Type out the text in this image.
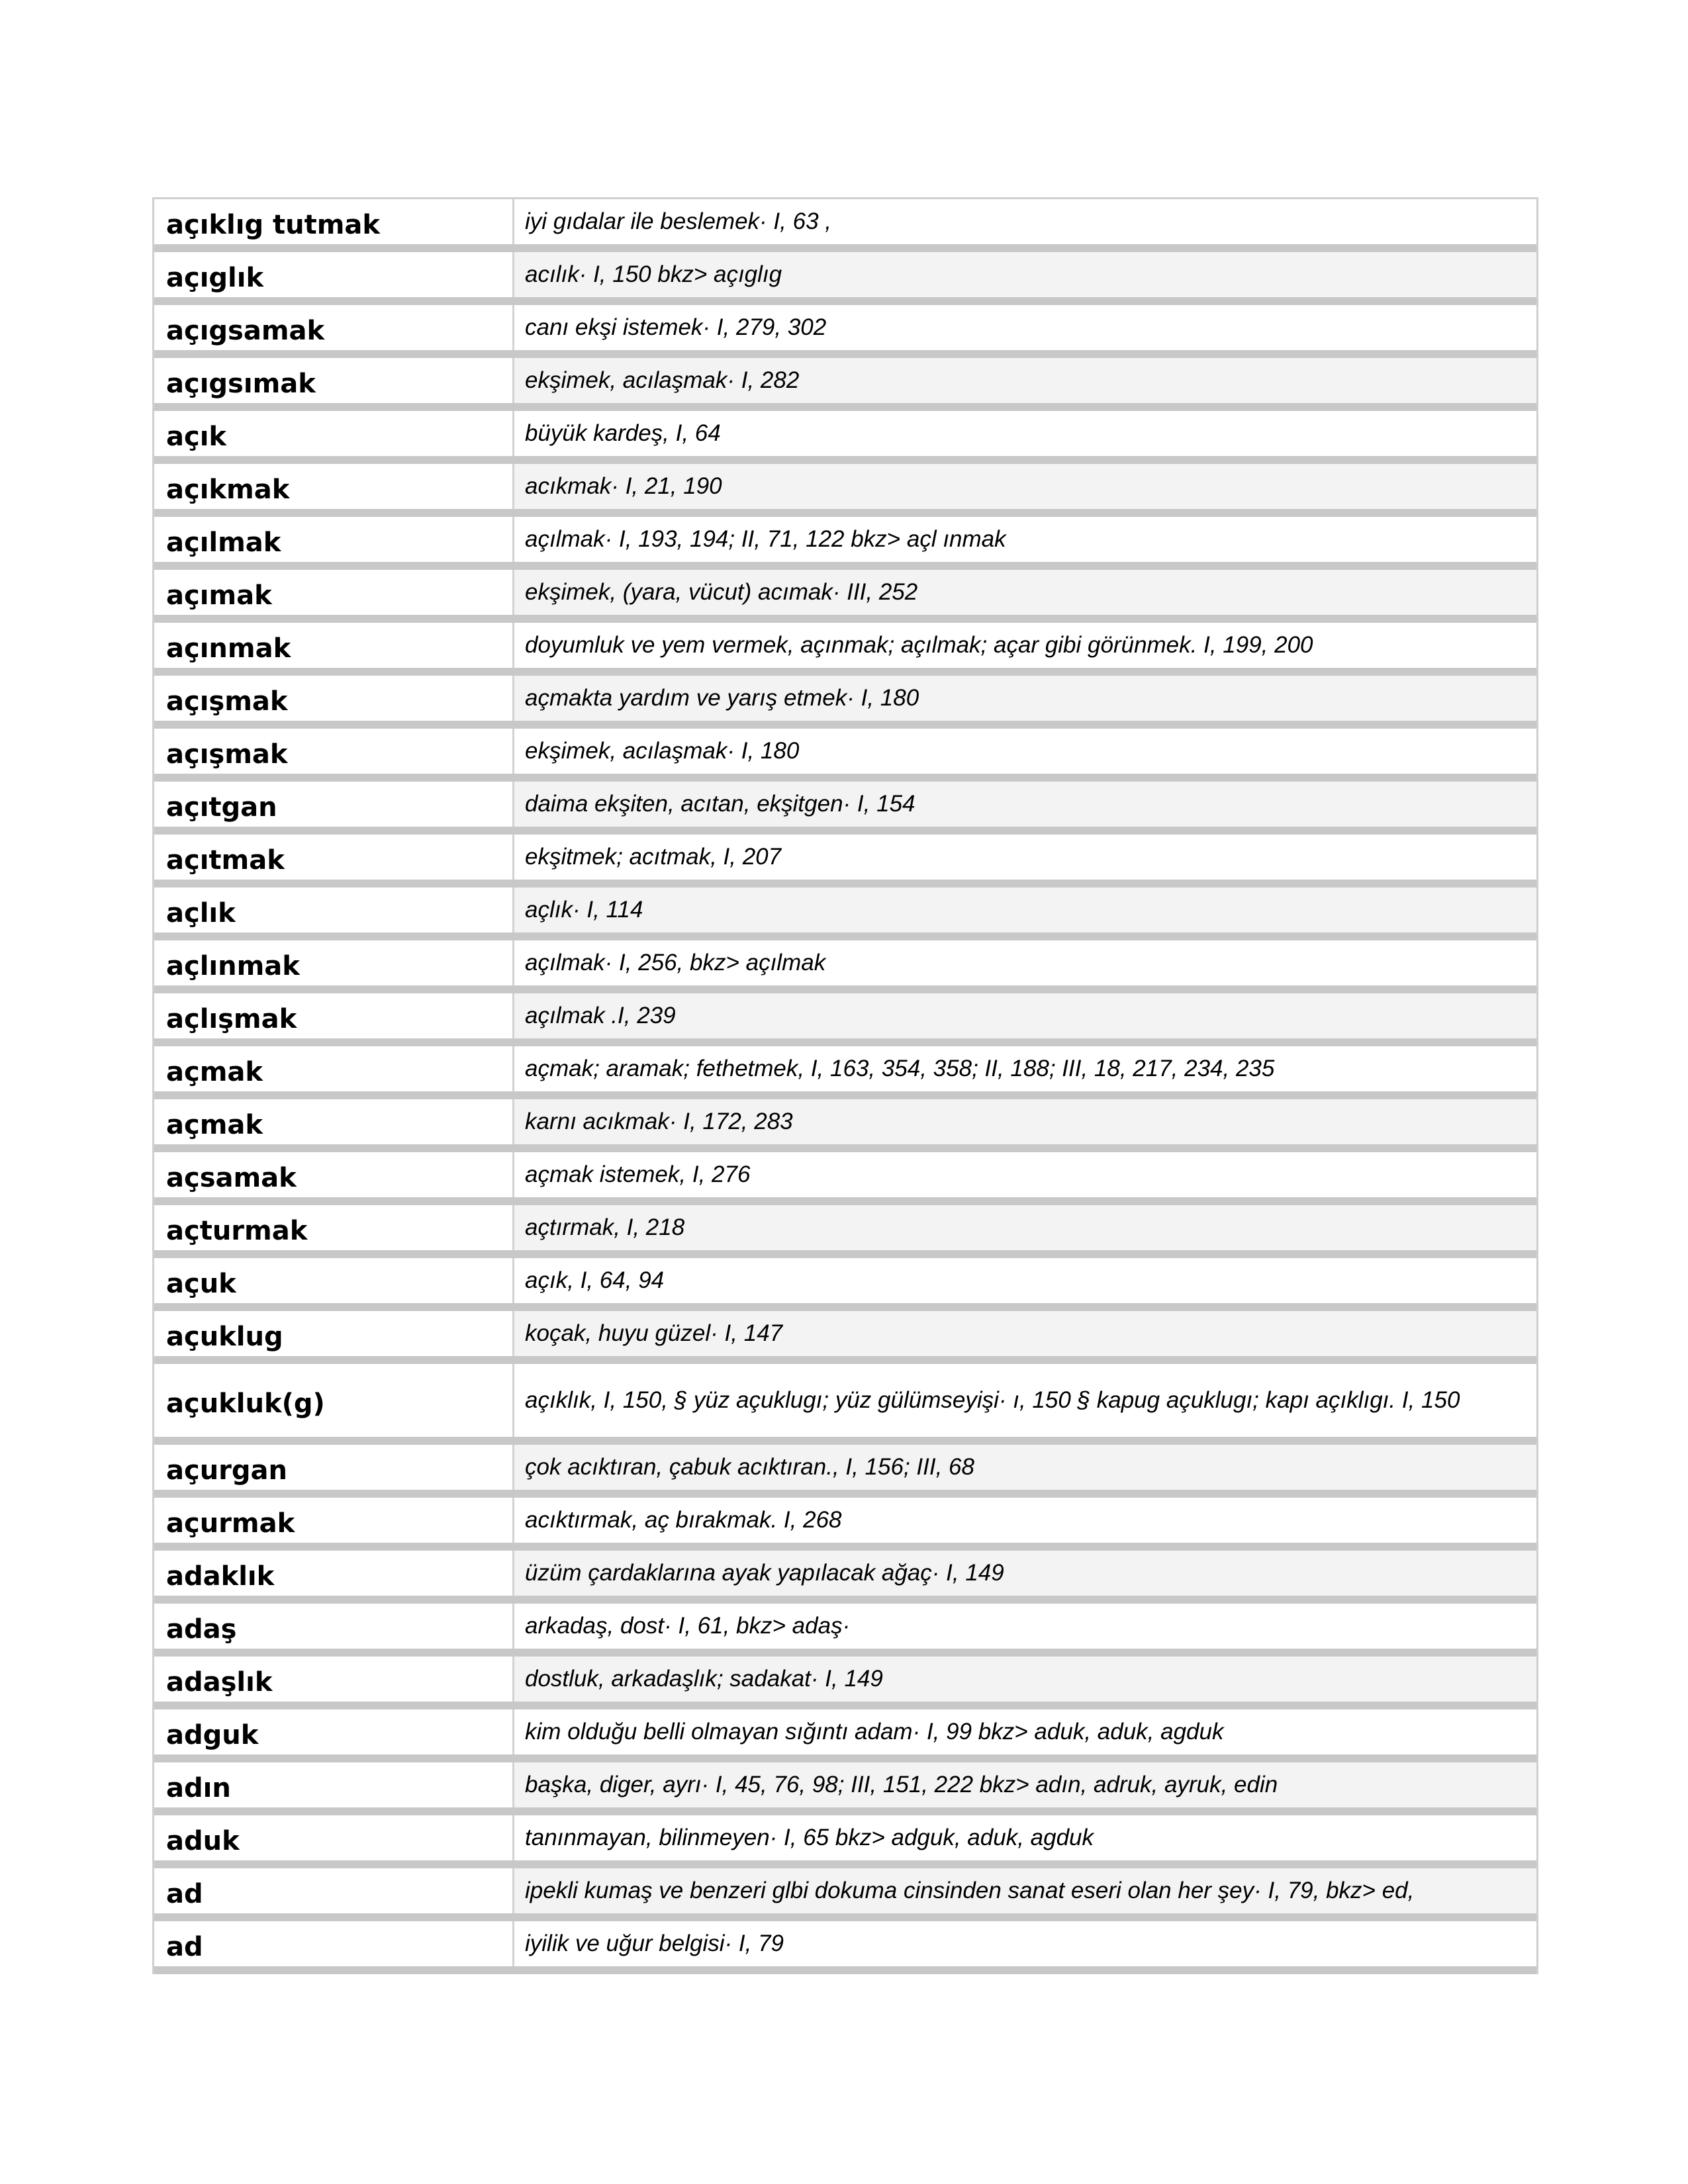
açıklıg tutmak	iyi gıdalar ile beslemek· I, 63 ,
açıglık	acılık· I, 150 bkz> açıglıg
açıgsamak	canı ekşi istemek· I, 279, 302
açıgsımak	ekşimek, acılaşmak· I, 282
açık	büyük kardeş, I, 64
açıkmak	acıkmak· I, 21, 190
açılmak	açılmak· I, 193, 194; II, 71, 122 bkz> açl ınmak
açımak	ekşimek, (yara, vücut) acımak· III, 252
açınmak	doyumluk ve yem vermek, açınmak; açılmak; açar gibi görünmek. I, 199, 200
açışmak	açmakta yardım ve yarış etmek· I, 180
açışmak	ekşimek, acılaşmak· I, 180
açıtgan	daima ekşiten, acıtan, ekşitgen· I, 154
açıtmak	ekşitmek; acıtmak, I, 207
açlık	açlık· I, 114
açlınmak	açılmak· I, 256, bkz> açılmak
açlışmak	açılmak .I, 239
açmak	açmak; aramak; fethetmek, I, 163, 354, 358; II, 188; III, 18, 217, 234, 235
açmak	karnı acıkmak· I, 172, 283
açsamak	açmak istemek, I, 276
açturmak	açtırmak, I, 218
açuk	açık, I, 64, 94
açuklug	koçak, huyu güzel· I, 147
açukluk(g)	açıklık, I, 150, § yüz açuklugı; yüz gülümseyişi· ı, 150 § kapug açuklugı; kapı açıklıgı. I, 150
açurgan	çok acıktıran, çabuk acıktıran., I, 156; III, 68
açurmak	acıktırmak, aç bırakmak. I, 268
adaklık	üzüm çardaklarına ayak yapılacak ağaç· I, 149
adaş	arkadaş, dost· I, 61, bkz> adaş·
adaşlık	dostluk, arkadaşlık; sadakat· I, 149
adguk	kim olduğu belli olmayan sığıntı adam· I, 99 bkz> aduk, aduk, agduk
adın	başka, diger, ayrı· I, 45, 76, 98; III, 151, 222 bkz> adın, adruk, ayruk, edin
aduk	tanınmayan, bilinmeyen· I, 65 bkz> adguk, aduk, agduk
ad	ipekli kumaş ve benzeri glbi dokuma cinsinden sanat eseri olan her şey· I, 79, bkz> ed,
ad	iyilik ve uğur belgisi· I, 79
